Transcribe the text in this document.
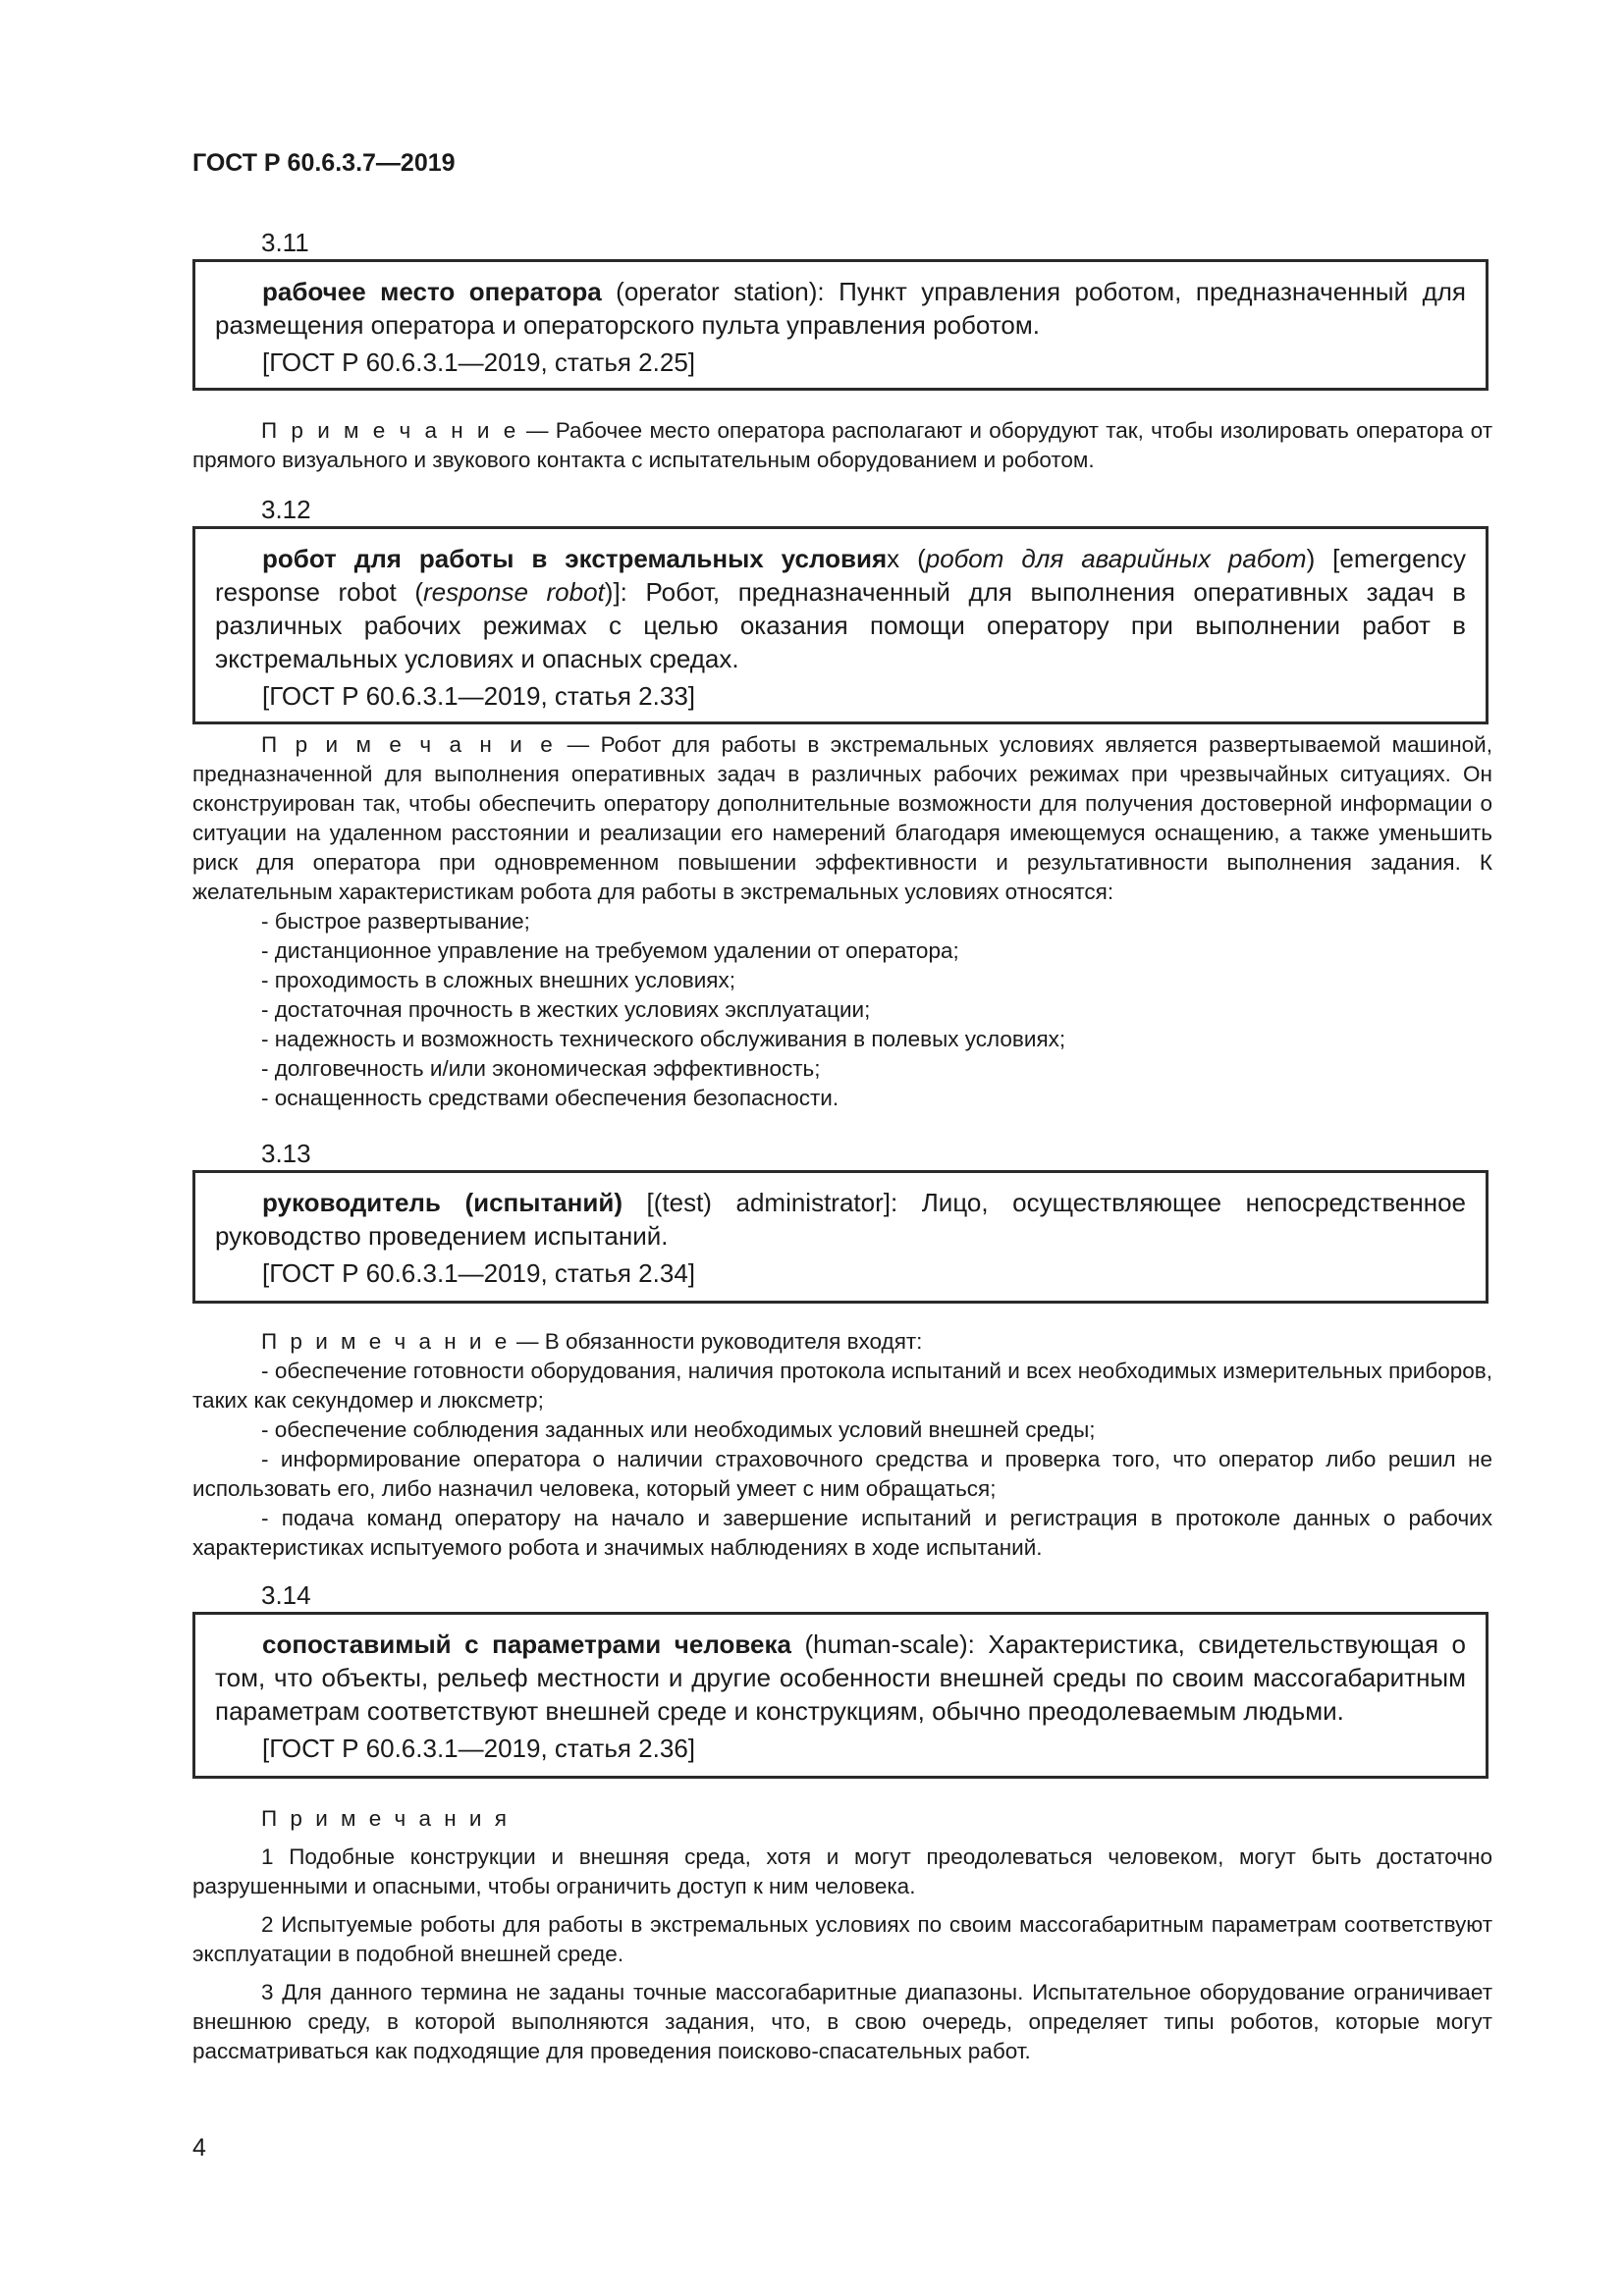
ГОСТ Р 60.6.3.7—2019
3.11

рабочее место оператора (operator station): Пункт управления роботом, предназначенный для размещения оператора и операторского пульта управления роботом.

[ГОСТ Р 60.6.3.1—2019, статья 2.25]

П р и м е ч а н и е — Рабочее место оператора располагают и оборудуют так, чтобы изолировать оператора от прямого визуального и звукового контакта с испытательным оборудованием и роботом.

3.12

робот для работы в экстремальных условиях (робот для аварийных работ) [emergency response robot (response robot)]: Робот, предназначенный для выполнения оперативных задач в различных рабочих режимах с целью оказания помощи оператору при выполнении работ в экстремальных условиях и опасных средах.

[ГОСТ Р 60.6.3.1—2019, статья 2.33]

П р и м е ч а н и е — Робот для работы в экстремальных условиях является развертываемой машиной, предназначенной для выполнения оперативных задач в различных рабочих режимах при чрезвычайных ситуациях. Он сконструирован так, чтобы обеспечить оператору дополнительные возможности для получения достоверной информации о ситуации на удаленном расстоянии и реализации его намерений благодаря имеющемуся оснащению, а также уменьшить риск для оператора при одновременном повышении эффективности и результативности выполнения задания. К желательным характеристикам робота для работы в экстремальных условиях относятся:

- быстрое развертывание;
- дистанционное управление на требуемом удалении от оператора;
- проходимость в сложных внешних условиях;
- достаточная прочность в жестких условиях эксплуатации;
- надежность и возможность технического обслуживания в полевых условиях;
- долговечность и/или экономическая эффективность;
- оснащенность средствами обеспечения безопасности.
3.13

руководитель (испытаний) [(test) administrator]: Лицо, осуществляющее непосредственное руководство проведением испытаний.

[ГОСТ Р 60.6.3.1—2019, статья 2.34]

П р и м е ч а н и е — В обязанности руководителя входят:

- обеспечение готовности оборудования, наличия протокола испытаний и всех необходимых измерительных приборов, таких как секундомер и люксметр;
- обеспечение соблюдения заданных или необходимых условий внешней среды;
- информирование оператора о наличии страховочного средства и проверка того, что оператор либо решил не использовать его, либо назначил человека, который умеет с ним обращаться;
- подача команд оператору на начало и завершение испытаний и регистрация в протоколе данных о рабочих характеристиках испытуемого робота и значимых наблюдениях в ходе испытаний.
3.14

сопоставимый с параметрами человека (human-scale): Характеристика, свидетельствующая о том, что объекты, рельеф местности и другие особенности внешней среды по своим массогабаритным параметрам соответствуют внешней среде и конструкциям, обычно преодолеваемым людьми.

[ГОСТ Р 60.6.3.1—2019, статья 2.36]

П р и м е ч а н и я

1 Подобные конструкции и внешняя среда, хотя и могут преодолеваться человеком, могут быть достаточно разрушенными и опасными, чтобы ограничить доступ к ним человека.

2 Испытуемые роботы для работы в экстремальных условиях по своим массогабаритным параметрам соответствуют эксплуатации в подобной внешней среде.

3 Для данного термина не заданы точные массогабаритные диапазоны. Испытательное оборудование ограничивает внешнюю среду, в которой выполняются задания, что, в свою очередь, определяет типы роботов, которые могут рассматриваться как подходящие для проведения поисково-спасательных работ.

4
